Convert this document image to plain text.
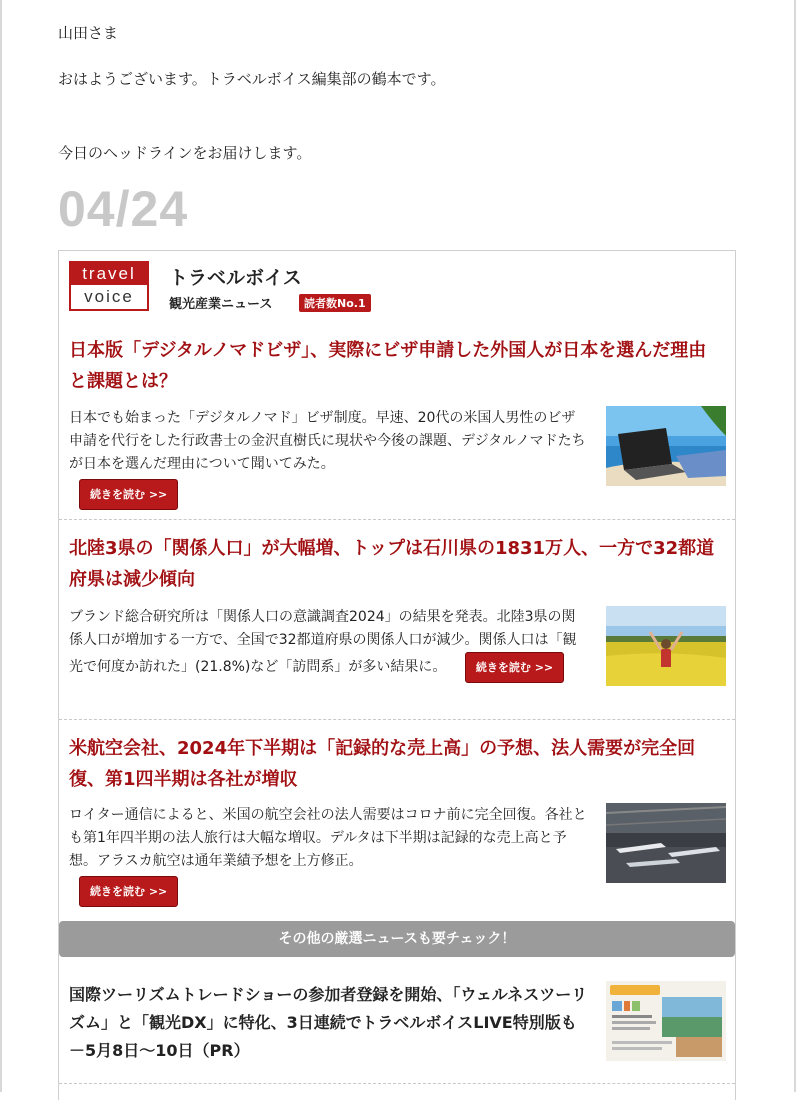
山田さま
おはようございます。トラベルボイス編集部の鶴本です。
今日のヘッドラインをお届けします。
04/24
travel
voice
トラベルボイス
観光産業ニュース	読者数No.1
日本版「デジタルノマドビザ」、実際にビザ申請した外国人が日本を選んだ理由と課題とは？

日本でも始まった「デジタルノマド」ビザ制度。早速、20代の米国人男性のビザ申請を代行をした行政書士の金沢直樹氏に現状や今後の課題、デジタルノマドたちが日本を選んだ理由について聞いてみた。
続きを読む >>

北陸3県の「関係人口」が大幅増、トップは石川県の1831万人、一方で32都道府県は減少傾向

ブランド総合研究所は「関係人口の意識調査2024」の結果を発表。北陸3県の関係人口が増加する一方で、全国で32都道府県の関係人口が減少。関係人口は「観光で何度か訪れた」(21.8%)など「訪問系」が多い結果に。	続きを読む >>

米航空会社、2024年下半期は「記録的な売上高」の予想、法人需要が完全回復、第1四半期は各社が増収

ロイター通信によると、米国の航空会社の法人需要はコロナ前に完全回復。各社とも第1年四半期の法人旅行は大幅な増収。デルタは下半期は記録的な売上高と予想。アラスカ航空は通年業績予想を上方修正。
続きを読む >>

その他の厳選ニュースも要チェック！
国際ツーリズムトレードショーの参加者登録を開始、「ウェルネスツーリズム」と「観光DX」に特化、3日連続でトラベルボイスLIVE特別版も　－5月8日〜10日（PR）
